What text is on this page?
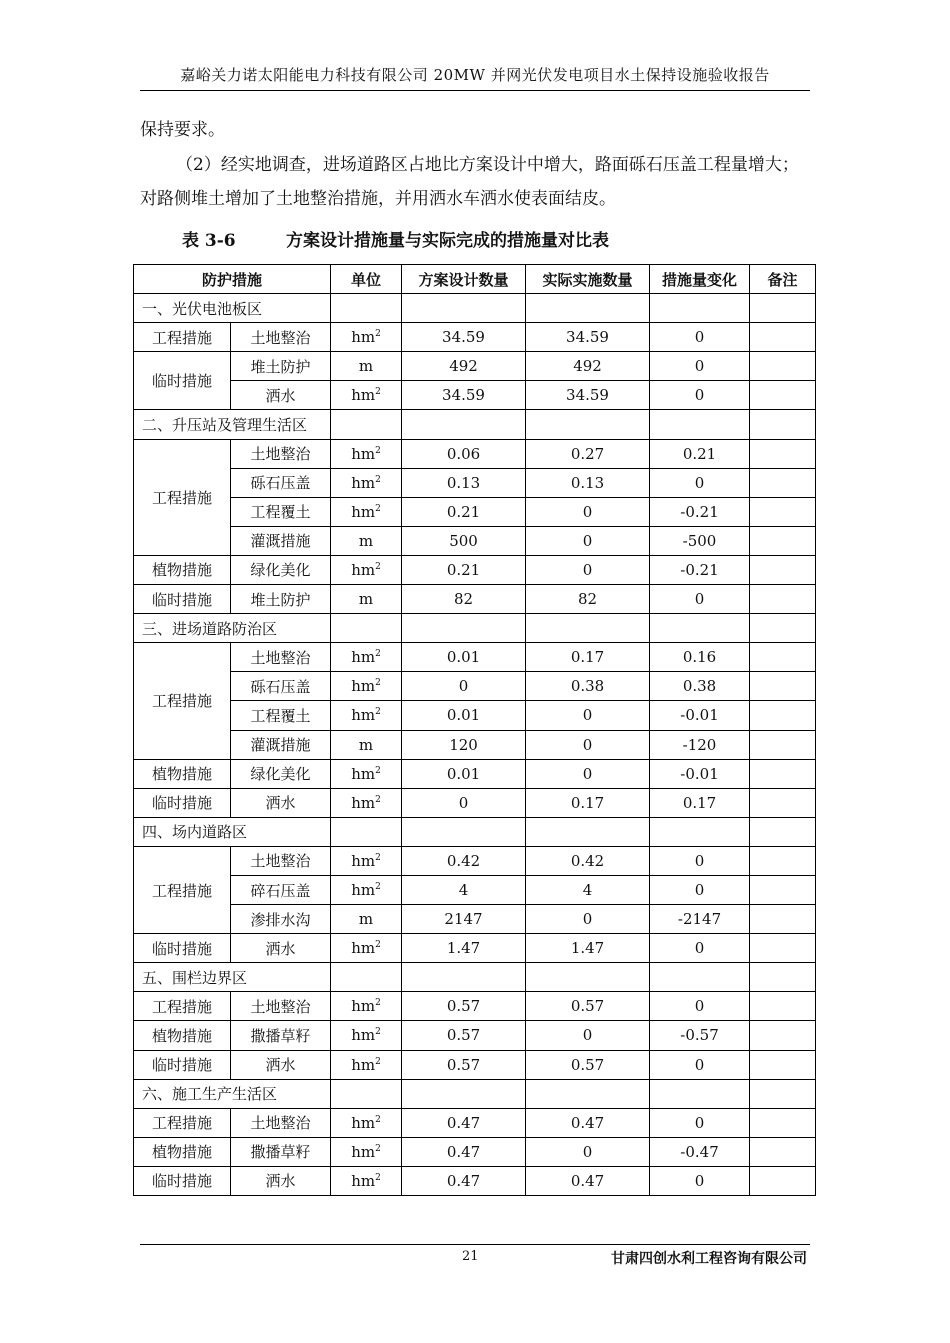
嘉峪关力诺太阳能电力科技有限公司 20MW 并网光伏发电项目水土保持设施验收报告
保持要求。
（2）经实地调查，进场道路区占地比方案设计中增大，路面砾石压盖工程量增大；对路侧堆土增加了土地整治措施，并用洒水车洒水使表面结皮。
表 3-6	方案设计措施量与实际完成的措施量对比表
防护措施		单位	方案设计数量	实际实施数量	措施量变化	备注
一、光伏电池板区						
工程措施	土地整治	$hm^2$	34.59	34.59	0	
临时措施	堆土防护	m	492	492	0	
	洒水	$hm^2$	34.59	34.59	0	
二、升压站及管理生活区						
工程措施	土地整治	$hm^2$	0.06	0.27	0.21	
	砾石压盖	$hm^2$	0.13	0.13	0	
	工程覆土	$hm^2$	0.21	0	-0.21	
	灌溉措施	m	500	0	-500	
植物措施	绿化美化	$hm^2$	0.21	0	-0.21	
临时措施	堆土防护	m	82	82	0	
三、进场道路防治区						
工程措施	土地整治	$hm^2$	0.01	0.17	0.16	
	砾石压盖	$hm^2$	0	0.38	0.38	
	工程覆土	$hm^2$	0.01	0	-0.01	
	灌溉措施	m	120	0	-120	
植物措施	绿化美化	$hm^2$	0.01	0	-0.01	
临时措施	洒水	$hm^2$	0	0.17	0.17	
四、场内道路区						
工程措施	土地整治	$hm^2$	0.42	0.42	0	
	碎石压盖	$hm^2$	4	4	0	
	渗排水沟	m	2147	0	-2147	
临时措施	洒水	$hm^2$	1.47	1.47	0	
五、围栏边界区						
工程措施	土地整治	$hm^2$	0.57	0.57	0	
植物措施	撒播草籽	$hm^2$	0.57	0	-0.57	
临时措施	洒水	$hm^2$	0.57	0.57	0	
六、施工生产生活区						
工程措施	土地整治	$hm^2$	0.47	0.47	0	
植物措施	撒播草籽	$hm^2$	0.47	0	-0.47	
临时措施	洒水	$hm^2$	0.47	0.47	0	
21	甘肃四创水利工程咨询有限公司
